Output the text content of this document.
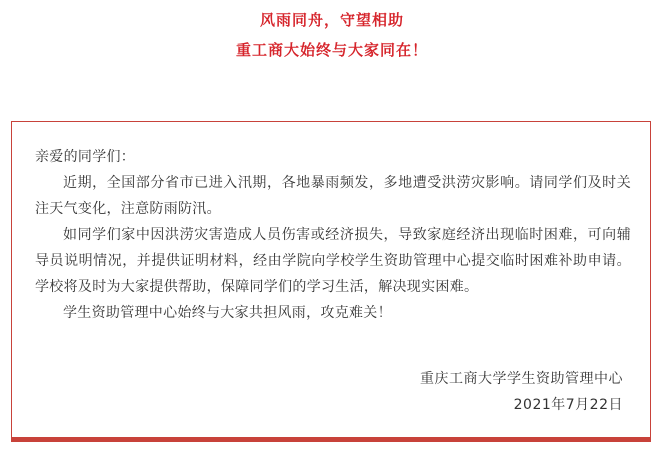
风雨同舟，守望相助
重工商大始终与大家同在！

亲爱的同学们：

近期，全国部分省市已进入汛期，各地暴雨频发，多地遭受洪涝灾影响。请同学们及时关注天气变化，注意防雨防汛。

如同学们家中因洪涝灾害造成人员伤害或经济损失，导致家庭经济出现临时困难，可向辅导员说明情况，并提供证明材料，经由学院向学校学生资助管理中心提交临时困难补助申请。学校将及时为大家提供帮助，保障同学们的学习生活，解决现实困难。

学生资助管理中心始终与大家共担风雨，攻克难关！

重庆工商大学学生资助管理中心
2021年7月22日
